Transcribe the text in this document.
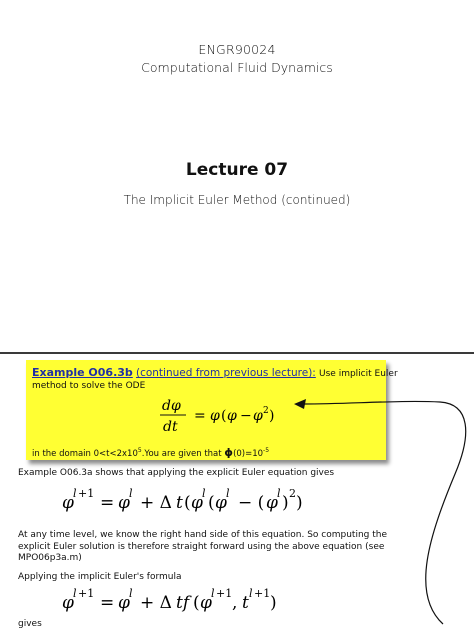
ENGR90024
Computational Fluid Dynamics
Lecture 07
The Implicit Euler Method (continued)
Example O06.3b (continued from previous lecture): Use implicit Euler
method to solve the ODE
dφ
dt
= φ ( φ − φ 2 )
in the domain $0<t<2x10^5.You$ are given that $\phi(0)=10^{-5}$
Example O06.3a shows that applying the explicit Euler equation gives
φ l +1 = φ l + Δ t ( φ l ( φ l − ( φ l ) 2 )
At any time level, we know the right hand side of this equation. So computing the explicit Euler solution is therefore straight forward using the above equation (see MPO06p3a.m)
Applying the implicit Euler's formula
φ l +1 = φ l + Δ tf ( φ l +1 , t l +1 )
gives
